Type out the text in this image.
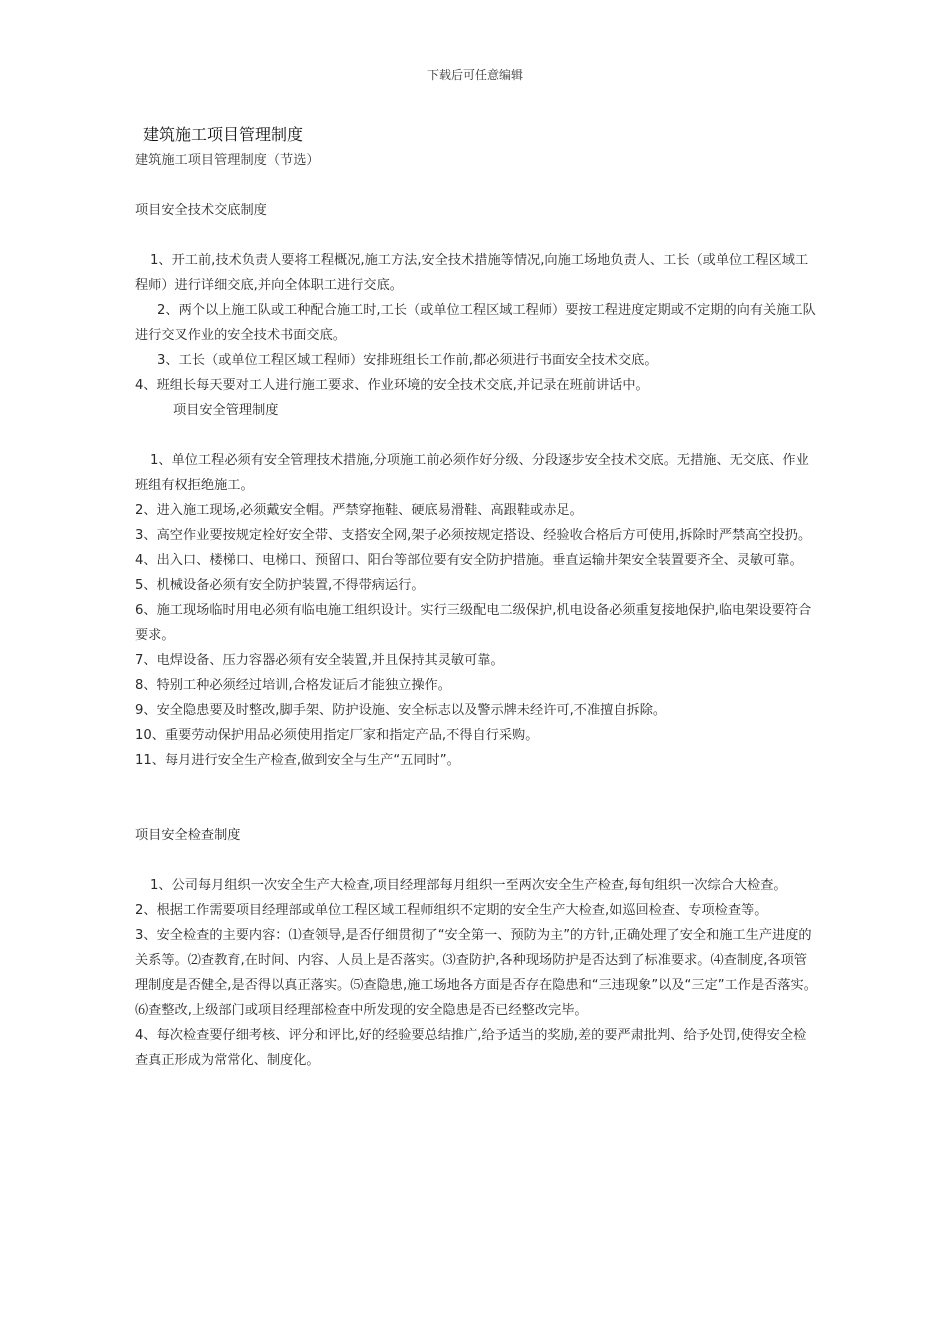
下载后可任意编辑

建筑施工项目管理制度

建筑施工项目管理制度（节选）

项目安全技术交底制度

1、开工前,技术负责人要将工程概况,施工方法,安全技术措施等情况,向施工场地负责人、工长（或单位工程区域工程师）进行详细交底,并向全体职工进行交底。

2、两个以上施工队或工种配合施工时,工长（或单位工程区域工程师）要按工程进度定期或不定期的向有关施工队进行交叉作业的安全技术书面交底。

3、工长（或单位工程区域工程师）安排班组长工作前,都必须进行书面安全技术交底。

4、班组长每天要对工人进行施工要求、作业环境的安全技术交底,并记录在班前讲话中。

项目安全管理制度

1、单位工程必须有安全管理技术措施,分项施工前必须作好分级、分段逐步安全技术交底。无措施、无交底、作业班组有权拒绝施工。

2、进入施工现场,必须戴安全帽。严禁穿拖鞋、硬底易滑鞋、高跟鞋或赤足。

3、高空作业要按规定栓好安全带、支搭安全网,架子必须按规定搭设、经验收合格后方可使用,拆除时严禁高空投扔。

4、出入口、楼梯口、电梯口、预留口、阳台等部位要有安全防护措施。垂直运输井架安全装置要齐全、灵敏可靠。

5、机械设备必须有安全防护装置,不得带病运行。

6、施工现场临时用电必须有临电施工组织设计。实行三级配电二级保护,机电设备必须重复接地保护,临电架设要符合要求。

7、电焊设备、压力容器必须有安全装置,并且保持其灵敏可靠。

8、特别工种必须经过培训,合格发证后才能独立操作。

9、安全隐患要及时整改,脚手架、防护设施、安全标志以及警示牌未经许可,不准擅自拆除。

10、重要劳动保护用品必须使用指定厂家和指定产品,不得自行采购。

11、每月进行安全生产检查,做到安全与生产“五同时”。

项目安全检查制度

1、公司每月组织一次安全生产大检查,项目经理部每月组织一至两次安全生产检查,每旬组织一次综合大检查。

2、根据工作需要项目经理部或单位工程区域工程师组织不定期的安全生产大检查,如巡回检查、专项检查等。

3、安全检查的主要内容：⑴查领导,是否仔细贯彻了“安全第一、预防为主”的方针,正确处理了安全和施工生产进度的关系等。⑵查教育,在时间、内容、人员上是否落实。⑶查防护,各种现场防护是否达到了标准要求。⑷查制度,各项管理制度是否健全,是否得以真正落实。⑸查隐患,施工场地各方面是否存在隐患和“三违现象”以及“三定”工作是否落实。⑹查整改,上级部门或项目经理部检查中所发现的安全隐患是否已经整改完毕。

4、每次检查要仔细考核、评分和评比,好的经验要总结推广,给予适当的奖励,差的要严肃批判、给予处罚,使得安全检查真正形成为常常化、制度化。
